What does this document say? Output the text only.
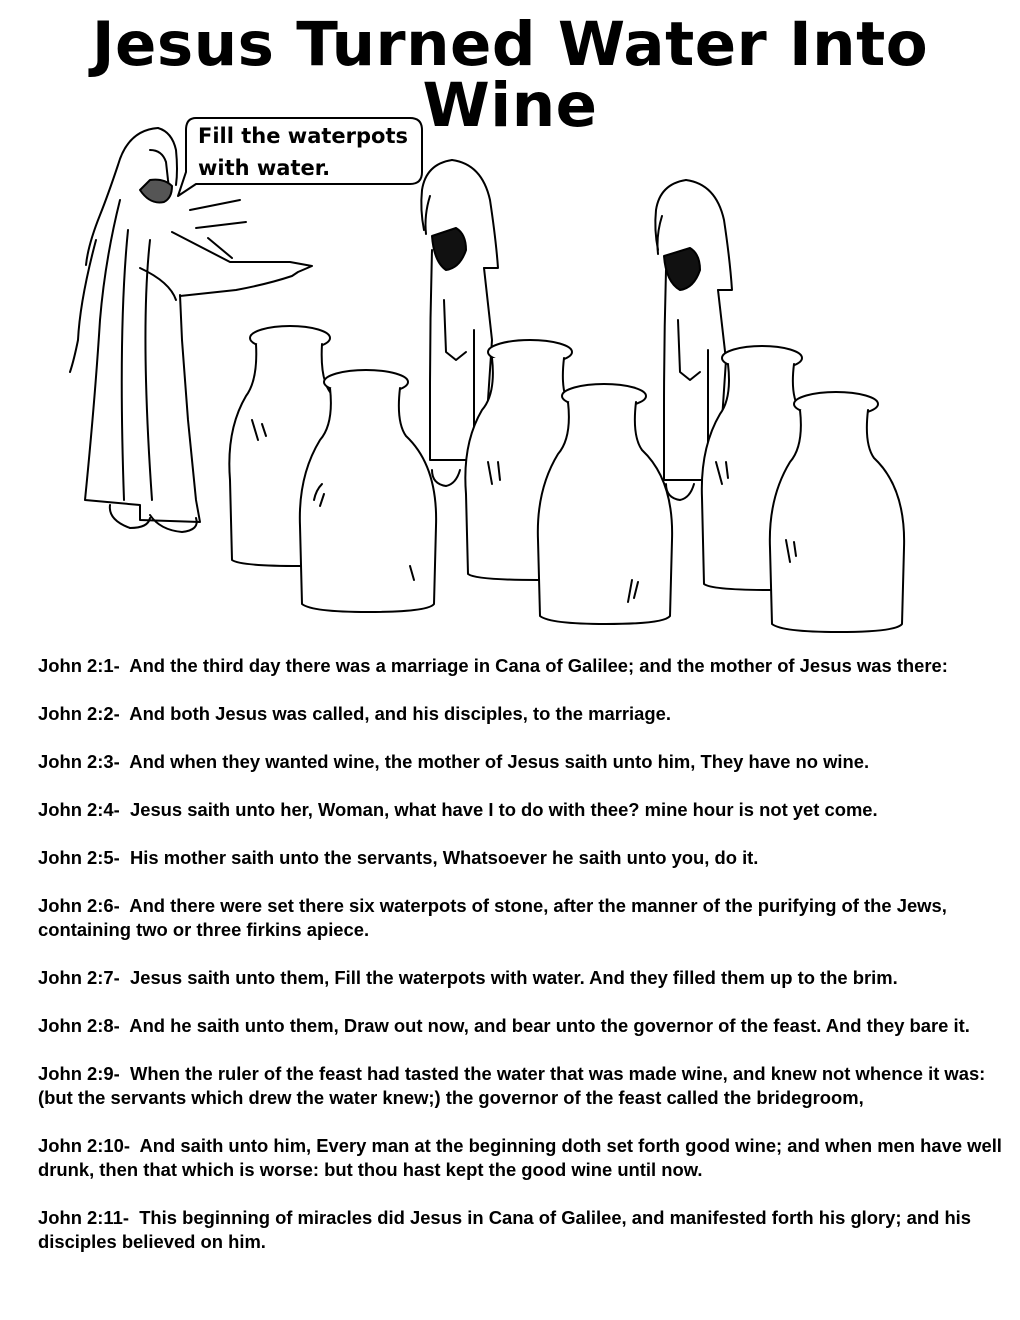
Jesus Turned Water Into Wine
Fill the waterpots with water.

John 2:1- And the third day there was a marriage in Cana of Galilee; and the mother of Jesus was there:

John 2:2- And both Jesus was called, and his disciples, to the marriage.

John 2:3- And when they wanted wine, the mother of Jesus saith unto him, They have no wine.

John 2:4- Jesus saith unto her, Woman, what have I to do with thee? mine hour is not yet come.

John 2:5- His mother saith unto the servants, Whatsoever he saith unto you, do it.

John 2:6- And there were set there six waterpots of stone, after the manner of the purifying of the Jews, containing two or three firkins apiece.

John 2:7- Jesus saith unto them, Fill the waterpots with water. And they filled them up to the brim.

John 2:8- And he saith unto them, Draw out now, and bear unto the governor of the feast. And they bare it.

John 2:9- When the ruler of the feast had tasted the water that was made wine, and knew not whence it was: (but the servants which drew the water knew;) the governor of the feast called the bridegroom,

John 2:10- And saith unto him, Every man at the beginning doth set forth good wine; and when men have well drunk, then that which is worse: but thou hast kept the good wine until now.

John 2:11- This beginning of miracles did Jesus in Cana of Galilee, and manifested forth his glory; and his disciples believed on him.
